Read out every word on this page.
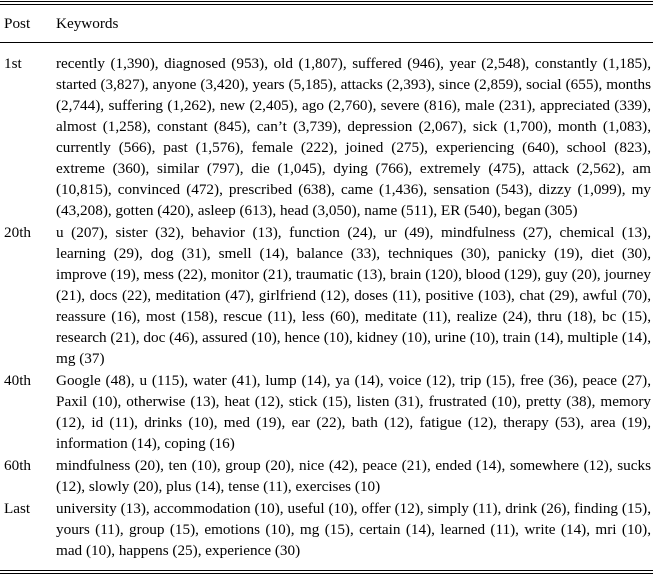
Post	Keywords

1st	recently (1,390), diagnosed (953), old (1,807), suffered (946), year (2,548), constantly (1,185), started (3,827), anyone (3,420), years (5,185), attacks (2,393), since (2,859), social (655), months (2,744), suffering (1,262), new (2,405), ago (2,760), severe (816), male (231), appreciated (339), almost (1,258), constant (845), can’t (3,739), depression (2,067), sick (1,700), month (1,083), currently (566), past (1,576), female (222), joined (275), experiencing (640), school (823), extreme (360), similar (797), die (1,045), dying (766), extremely (475), attack (2,562), am (10,815), convinced (472), prescribed (638), came (1,436), sensation (543), dizzy (1,099), my (43,208), gotten (420), asleep (613), head (3,050), name (511), ER (540), began (305)

20th	u (207), sister (32), behavior (13), function (24), ur (49), mindfulness (27), chemical (13), learning (29), dog (31), smell (14), balance (33), techniques (30), panicky (19), diet (30), improve (19), mess (22), monitor (21), traumatic (13), brain (120), blood (129), guy (20), journey (21), docs (22), meditation (47), girlfriend (12), doses (11), positive (103), chat (29), awful (70), reassure (16), most (158), rescue (11), less (60), meditate (11), realize (24), thru (18), bc (15), research (21), doc (46), assured (10), hence (10), kidney (10), urine (10), train (14), multiple (14), mg (37)

40th	Google (48), u (115), water (41), lump (14), ya (14), voice (12), trip (15), free (36), peace (27), Paxil (10), otherwise (13), heat (12), stick (15), listen (31), frustrated (10), pretty (38), memory (12), id (11), drinks (10), med (19), ear (22), bath (12), fatigue (12), therapy (53), area (19), information (14), coping (16)

60th	mindfulness (20), ten (10), group (20), nice (42), peace (21), ended (14), somewhere (12), sucks (12), slowly (20), plus (14), tense (11), exercises (10)

Last	university (13), accommodation (10), useful (10), offer (12), simply (11), drink (26), finding (15), yours (11), group (15), emotions (10), mg (15), certain (14), learned (11), write (14), mri (10), mad (10), happens (25), experience (30)
